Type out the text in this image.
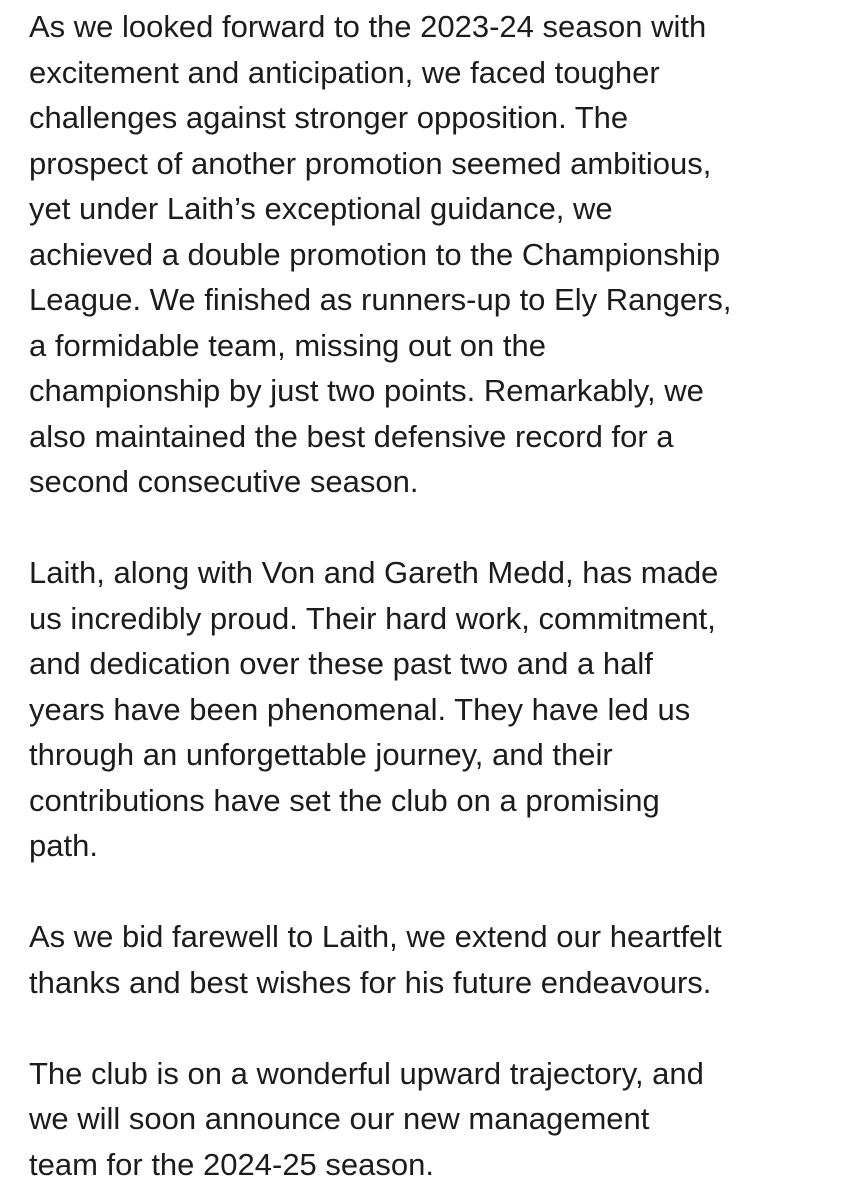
As we looked forward to the 2023-24 season with
excitement and anticipation, we faced tougher
challenges against stronger opposition. The
prospect of another promotion seemed ambitious,
yet under Laith’s exceptional guidance, we
achieved a double promotion to the Championship
League. We finished as runners-up to Ely Rangers,
a formidable team, missing out on the
championship by just two points. Remarkably, we
also maintained the best defensive record for a
second consecutive season.
Laith, along with Von and Gareth Medd, has made
us incredibly proud. Their hard work, commitment,
and dedication over these past two and a half
years have been phenomenal. They have led us
through an unforgettable journey, and their
contributions have set the club on a promising
path.
As we bid farewell to Laith, we extend our heartfelt
thanks and best wishes for his future endeavours.
The club is on a wonderful upward trajectory, and
we will soon announce our new management
team for the 2024-25 season.
